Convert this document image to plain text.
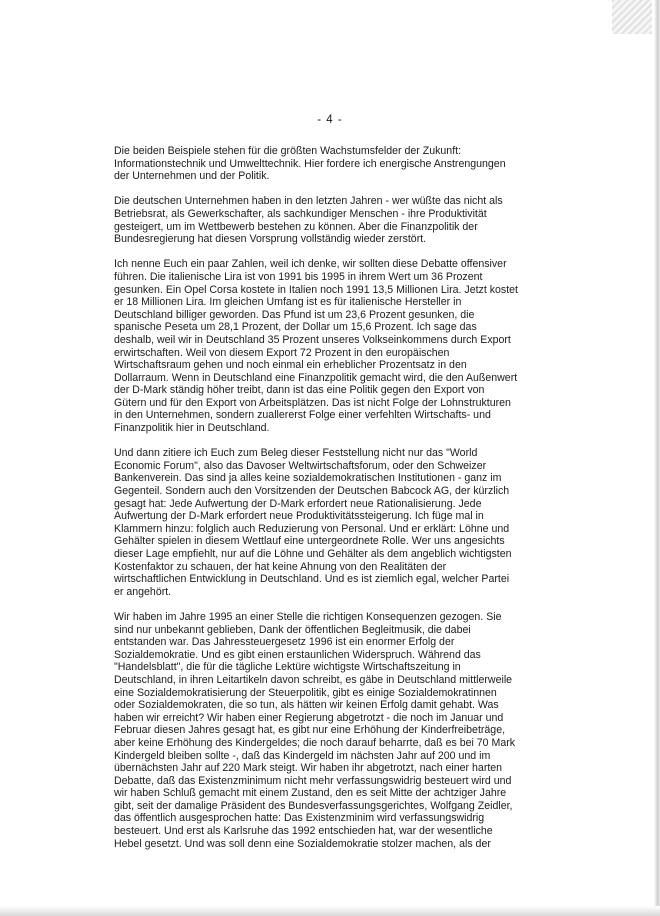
- 4 -

Die beiden Beispiele stehen für die größten Wachstumsfelder der Zukunft:
Informationstechnik und Umwelttechnik. Hier fordere ich energische Anstrengungen
der Unternehmen und der Politik.

Die deutschen Unternehmen haben in den letzten Jahren - wer wüßte das nicht als
Betriebsrat, als Gewerkschafter, als sachkundiger Menschen - ihre Produktivität
gesteigert, um im Wettbewerb bestehen zu können. Aber die Finanzpolitik der
Bundesregierung hat diesen Vorsprung vollständig wieder zerstört.

Ich nenne Euch ein paar Zahlen, weil ich denke, wir sollten diese Debatte offensiver
führen. Die italienische Lira ist von 1991 bis 1995 in ihrem Wert um 36 Prozent
gesunken. Ein Opel Corsa kostete in Italien noch 1991 13,5 Millionen Lira. Jetzt kostet
er 18 Millionen Lira. Im gleichen Umfang ist es für italienische Hersteller in
Deutschland billiger geworden. Das Pfund ist um 23,6 Prozent gesunken, die
spanische Peseta um 28,1 Prozent, der Dollar um 15,6 Prozent. Ich sage das
deshalb, weil wir in Deutschland 35 Prozent unseres Volkseinkommens durch Export
erwirtschaften. Weil von diesem Export 72 Prozent in den europäischen
Wirtschaftsraum gehen und noch einmal ein erheblicher Prozentsatz in den
Dollarraum. Wenn in Deutschland eine Finanzpolitik gemacht wird, die den Außenwert
der D-Mark ständig höher treibt, dann ist das eine Politik gegen den Export von
Gütern und für den Export von Arbeitsplätzen. Das ist nicht Folge der Lohnstrukturen
in den Unternehmen, sondern zuallererst Folge einer verfehlten Wirtschafts- und
Finanzpolitik hier in Deutschland.

Und dann zitiere ich Euch zum Beleg dieser Feststellung nicht nur das "World
Economic Forum", also das Davoser Weltwirtschaftsforum, oder den Schweizer
Bankenverein. Das sind ja alles keine sozialdemokratischen Institutionen - ganz im
Gegenteil. Sondern auch den Vorsitzenden der Deutschen Babcock AG, der kürzlich
gesagt hat: Jede Aufwertung der D-Mark erfordert neue Rationalisierung. Jede
Aufwertung der D-Mark erfordert neue Produktivitätssteigerung. Ich füge mal in
Klammern hinzu: folglich auch Reduzierung von Personal. Und er erklärt: Löhne und
Gehälter spielen in diesem Wettlauf eine untergeordnete Rolle. Wer uns angesichts
dieser Lage empfiehlt, nur auf die Löhne und Gehälter als dem angeblich wichtigsten
Kostenfaktor zu schauen, der hat keine Ahnung von den Realitäten der
wirtschaftlichen Entwicklung in Deutschland. Und es ist ziemlich egal, welcher Partei
er angehört.

Wir haben im Jahre 1995 an einer Stelle die richtigen Konsequenzen gezogen. Sie
sind nur unbekannt geblieben, Dank der öffentlichen Begleitmusik, die dabei
entstanden war. Das Jahressteuergesetz 1996 ist ein enormer Erfolg der
Sozialdemokratie. Und es gibt einen erstaunlichen Widerspruch. Während das
"Handelsblatt", die für die tägliche Lektüre wichtigste Wirtschaftszeitung in
Deutschland, in ihren Leitartikeln davon schreibt, es gäbe in Deutschland mittlerweile
eine Sozialdemokratisierung der Steuerpolitik, gibt es einige Sozialdemokratinnen
oder Sozialdemokraten, die so tun, als hätten wir keinen Erfolg damit gehabt. Was
haben wir erreicht? Wir haben einer Regierung abgetrotzt - die noch im Januar und
Februar diesen Jahres gesagt hat, es gibt nur eine Erhöhung der Kinderfreibeträge,
aber keine Erhöhung des Kindergeldes; die noch darauf beharrte, daß es bei 70 Mark
Kindergeld bleiben sollte -, daß das Kindergeld im nächsten Jahr auf 200 und im
übernächsten Jahr auf 220 Mark steigt. Wir haben ihr abgetrotzt, nach einer harten
Debatte, daß das Existenzminimum nicht mehr verfassungswidrig besteuert wird und
wir haben Schluß gemacht mit einem Zustand, den es seit Mitte der achtziger Jahre
gibt, seit der damalige Präsident des Bundesverfassungsgerichtes, Wolfgang Zeidler,
das öffentlich ausgesprochen hatte: Das Existenzminim wird verfassungswidrig
besteuert. Und erst als Karlsruhe das 1992 entschieden hat, war der wesentliche
Hebel gesetzt. Und was soll denn eine Sozialdemokratie stolzer machen, als der
